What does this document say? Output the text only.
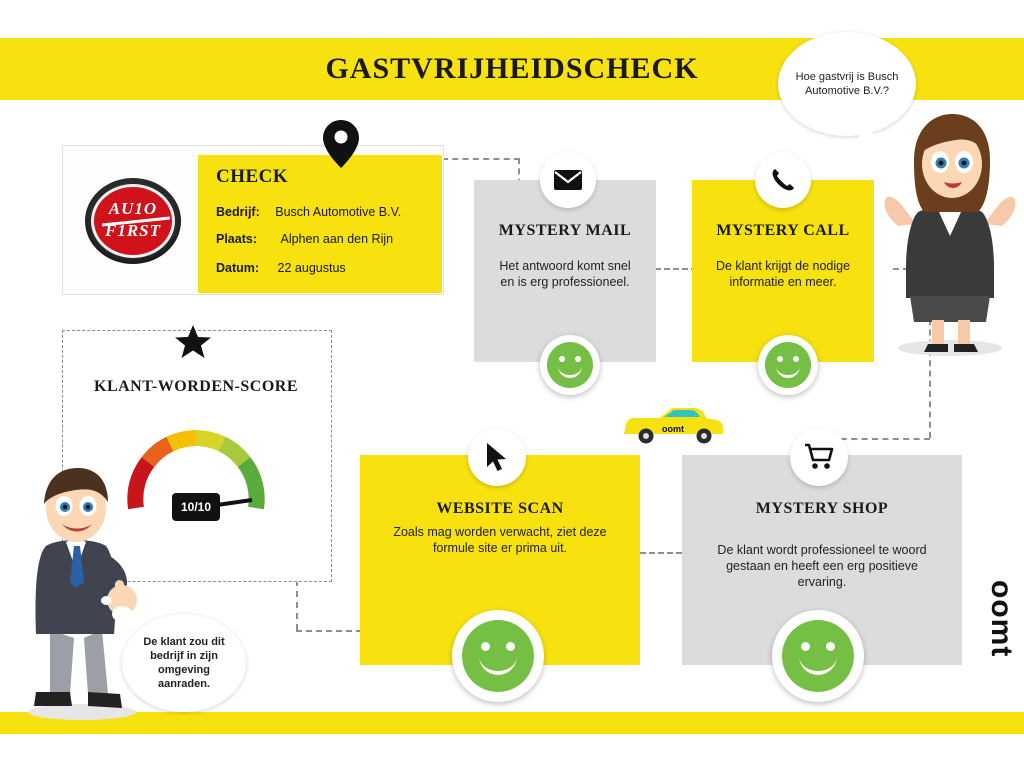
GASTVRIJHEIDSCHECK
CHECK
Bedrijf: Busch Automotive B.V.
Plaats: Alphen aan den Rijn
Datum: 22 augustus
AU1O
F1RST	MYSTERY MAIL
Het antwoord komt snel en is erg professioneel.
MYSTERY CALL
De klant krijgt de nodige informatie en meer.
KLANT-WORDEN-SCORE
10/10	WEBSITE SCAN
Zoals mag worden verwacht, ziet deze formule site er prima uit.
MYSTERY SHOP
De klant wordt professioneel te woord gestaan en heeft een erg positieve ervaring.
oomt
Hoe gastvrij is Busch Automotive B.V.?
De klant zou dit bedrijf in zijn omgeving aanraden.
oomt
